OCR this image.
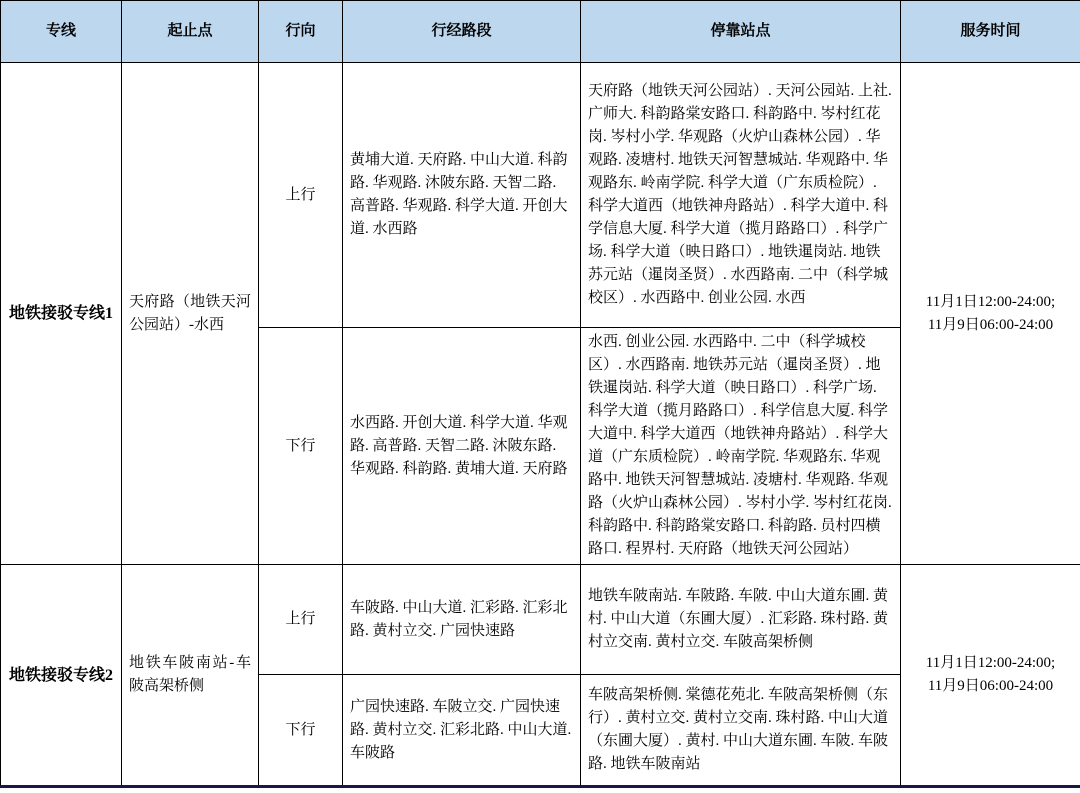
专线	起止点	行向	行经路段	停靠站点	服务时间
地铁接驳专线1	天府路（地铁天河公园站）-水西	上行	黄埔大道. 天府路. 中山大道. 科韵路. 华观路. 沐陂东路. 天智二路. 高普路. 华观路. 科学大道. 开创大道. 水西路	天府路（地铁天河公园站）. 天河公园站. 上社. 广师大. 科韵路棠安路口. 科韵路中. 岑村红花岗. 岑村小学. 华观路（火炉山森林公园）. 华观路. 凌塘村. 地铁天河智慧城站. 华观路中. 华观路东. 岭南学院. 科学大道（广东质检院）. 科学大道西（地铁神舟路站）. 科学大道中. 科学信息大厦. 科学大道（揽月路路口）. 科学广场. 科学大道（映日路口）. 地铁暹岗站. 地铁苏元站（暹岗圣贤）. 水西路南. 二中（科学城校区）. 水西路中. 创业公园. 水西	11月1日12:00-24:00;
11月9日06:00-24:00

		下行	水西路. 开创大道. 科学大道. 华观路. 高普路. 天智二路. 沐陂东路. 华观路. 科韵路. 黄埔大道. 天府路	水西. 创业公园. 水西路中. 二中（科学城校区）. 水西路南. 地铁苏元站（暹岗圣贤）. 地铁暹岗站. 科学大道（映日路口）. 科学广场. 科学大道（揽月路路口）. 科学信息大厦. 科学大道中. 科学大道西（地铁神舟路站）. 科学大道（广东质检院）. 岭南学院. 华观路东. 华观路中. 地铁天河智慧城站. 凌塘村. 华观路. 华观路（火炉山森林公园）. 岑村小学. 岑村红花岗. 科韵路中. 科韵路棠安路口. 科韵路. 员村四横路口. 程界村. 天府路（地铁天河公园站）	
地铁接驳专线2	地铁车陂南站-车陂高架桥侧	上行	车陂路. 中山大道. 汇彩路. 汇彩北路. 黄村立交. 广园快速路	地铁车陂南站. 车陂路. 车陂. 中山大道东圃. 黄村. 中山大道（东圃大厦）. 汇彩路. 珠村路. 黄村立交南. 黄村立交. 车陂高架桥侧	11月1日12:00-24:00;
11月9日06:00-24:00

		下行	广园快速路. 车陂立交. 广园快速路. 黄村立交. 汇彩北路. 中山大道. 车陂路	车陂高架桥侧. 棠德花苑北. 车陂高架桥侧（东行）. 黄村立交. 黄村立交南. 珠村路. 中山大道（东圃大厦）. 黄村. 中山大道东圃. 车陂. 车陂路. 地铁车陂南站	
